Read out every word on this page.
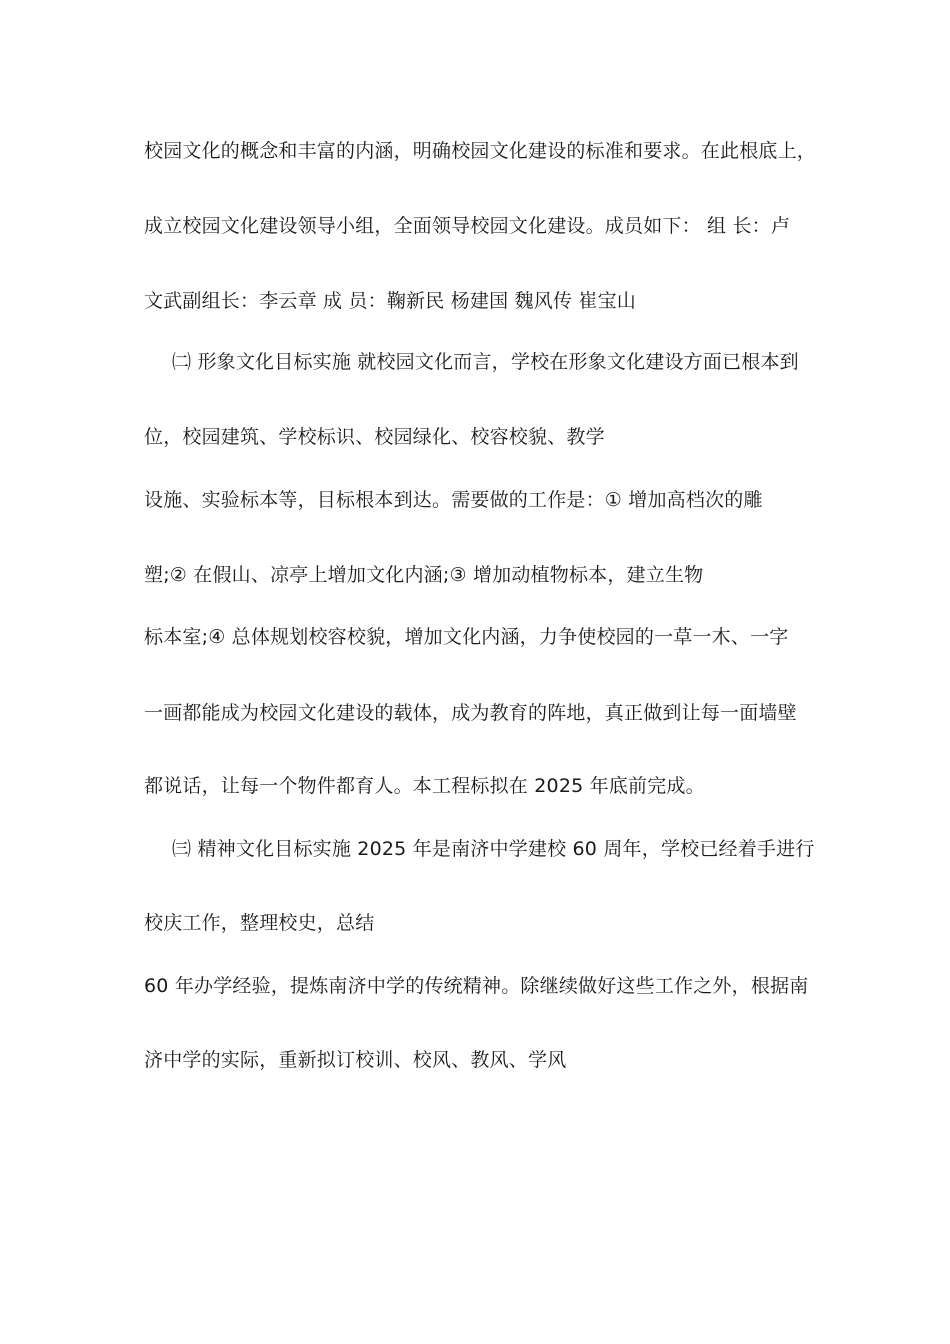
校园文化的概念和丰富的内涵，明确校园文化建设的标准和要求。在此根底上，
成立校园文化建设领导小组，全面领导校园文化建设。成员如下： 组 长：卢
文武副组长：李云章 成 员：鞠新民 杨建国 魏风传 崔宝山
㈡ 形象文化目标实施 就校园文化而言，学校在形象文化建设方面已根本到
位，校园建筑、学校标识、校园绿化、校容校貌、教学
设施、实验标本等，目标根本到达。需要做的工作是：① 增加高档次的雕
塑;② 在假山、凉亭上增加文化内涵;③ 增加动植物标本，建立生物
标本室;④ 总体规划校容校貌，增加文化内涵，力争使校园的一草一木、一字
一画都能成为校园文化建设的载体，成为教育的阵地，真正做到让每一面墙壁
都说话，让每一个物件都育人。本工程标拟在 2025 年底前完成。
㈢ 精神文化目标实施 2025 年是南济中学建校 60 周年，学校已经着手进行
校庆工作，整理校史，总结
60 年办学经验，提炼南济中学的传统精神。除继续做好这些工作之外，根据南
济中学的实际，重新拟订校训、校风、教风、学风
